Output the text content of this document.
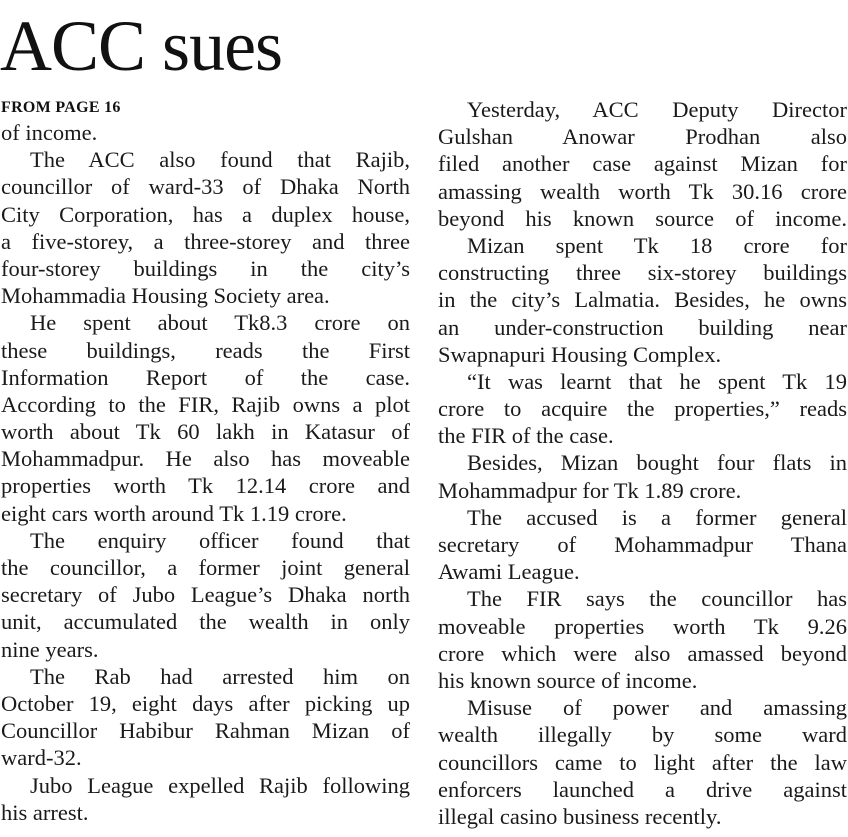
ACC sues
FROM PAGE 16
of income.
The ACC also found that Rajib,
councillor of ward-33 of Dhaka North
City Corporation, has a duplex house,
a five-storey, a three-storey and three
four-storey buildings in the city’s
Mohammadia Housing Society area.
He spent about Tk8.3 crore on
these buildings, reads the First
Information Report of the case.
According to the FIR, Rajib owns a plot
worth about Tk 60 lakh in Katasur of
Mohammadpur. He also has moveable
properties worth Tk 12.14 crore and
eight cars worth around Tk 1.19 crore.
The enquiry officer found that
the councillor, a former joint general
secretary of Jubo League’s Dhaka north
unit, accumulated the wealth in only
nine years.
The Rab had arrested him on
October 19, eight days after picking up
Councillor Habibur Rahman Mizan of
ward-32.
Jubo League expelled Rajib following
his arrest.
Yesterday, ACC Deputy Director
Gulshan Anowar Prodhan also
filed another case against Mizan for
amassing wealth worth Tk 30.16 crore
beyond his known source of income.
Mizan spent Tk 18 crore for
constructing three six-storey buildings
in the city’s Lalmatia. Besides, he owns
an under-construction building near
Swapnapuri Housing Complex.
“It was learnt that he spent Tk 19
crore to acquire the properties,” reads
the FIR of the case.
Besides, Mizan bought four flats in
Mohammadpur for Tk 1.89 crore.
The accused is a former general
secretary of Mohammadpur Thana
Awami League.
The FIR says the councillor has
moveable properties worth Tk 9.26
crore which were also amassed beyond
his known source of income.
Misuse of power and amassing
wealth illegally by some ward
councillors came to light after the law
enforcers launched a drive against
illegal casino business recently.
